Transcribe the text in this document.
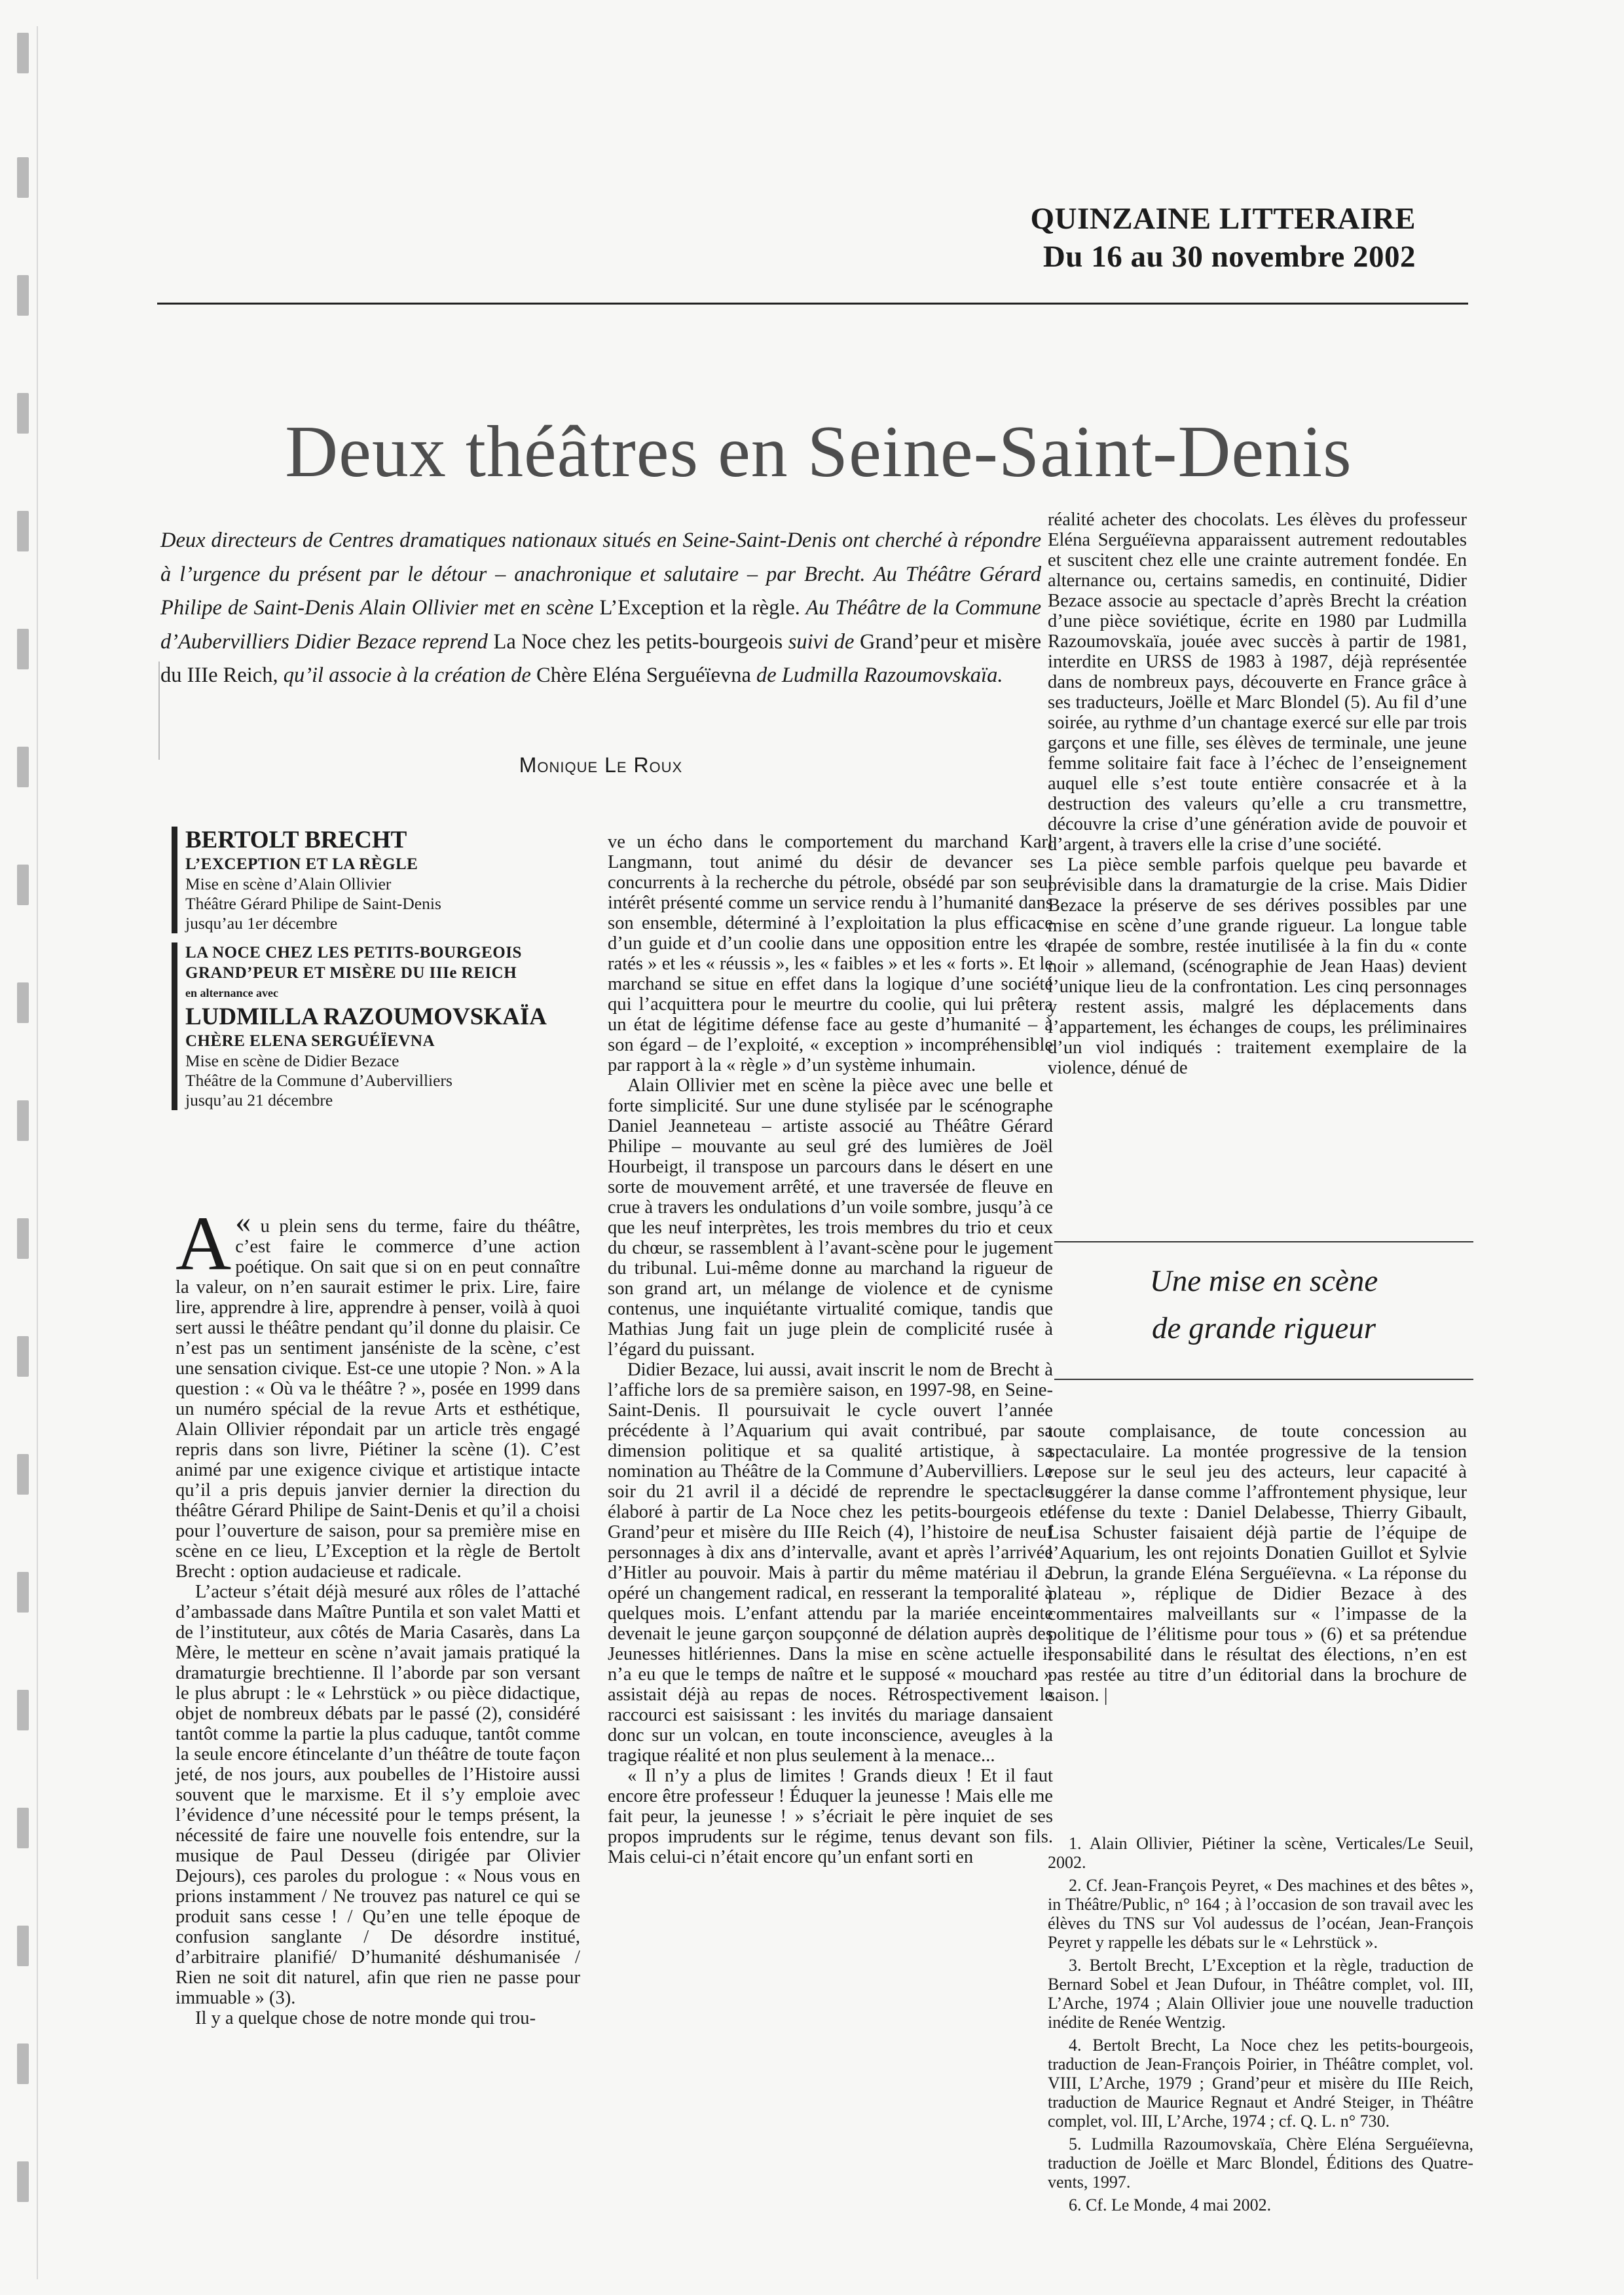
QUINZAINE LITTERAIRE
Du 16 au 30 novembre 2002
Deux théâtres en Seine-Saint-Denis
Deux directeurs de Centres dramatiques nationaux situés en Seine-Saint-Denis ont cherché à répondre à l’urgence du présent par le détour – anachronique et salutaire – par Brecht. Au Théâtre Gérard Philipe de Saint-Denis Alain Ollivier met en scène L’Exception et la règle. Au Théâtre de la Commune d’Aubervilliers Didier Bezace reprend La Noce chez les petits-bourgeois suivi de Grand’peur et misère du IIIe Reich, qu’il associe à la création de Chère Eléna Serguéïevna de Ludmilla Razoumovskaïa.
Monique Le Roux
BERTOLT BRECHT
L’EXCEPTION ET LA RÈGLE
Mise en scène d’Alain Ollivier
Théâtre Gérard Philipe de Saint-Denis
jusqu’au 1er décembre
LA NOCE CHEZ LES PETITS-BOURGEOIS
GRAND’PEUR ET MISÈRE DU IIIe REICH
en alternance avec
LUDMILLA RAZOUMOVSKAÏA
CHÈRE ELENA SERGUÉÏEVNA
Mise en scène de Didier Bezace
Théâtre de la Commune d’Aubervilliers
jusqu’au 21 décembre

«
A u plein sens du terme, faire du théâtre, c’est faire le commerce d’une action poétique. On sait que si on en peut connaître la valeur, on n’en saurait estimer le prix. Lire, faire lire, apprendre à lire, apprendre à penser, voilà à quoi sert aussi le théâtre pendant qu’il donne du plaisir. Ce n’est pas un sentiment janséniste de la scène, c’est une sensation civique. Est-ce une utopie ? Non. » A la question : « Où va le théâtre ? », posée en 1999 dans un numéro spécial de la revue Arts et esthétique, Alain Ollivier répondait par un article très engagé repris dans son livre, Piétiner la scène (1). C’est animé par une exigence civique et artistique intacte qu’il a pris depuis janvier dernier la direction du théâtre Gérard Philipe de Saint-Denis et qu’il a choisi pour l’ouverture de saison, pour sa première mise en scène en ce lieu, L’Exception et la règle de Bertolt Brecht : option audacieuse et radicale.

L’acteur s’était déjà mesuré aux rôles de l’attaché d’ambassade dans Maître Puntila et son valet Matti et de l’instituteur, aux côtés de Maria Casarès, dans La Mère, le metteur en scène n’avait jamais pratiqué la dramaturgie brechtienne. Il l’aborde par son versant le plus abrupt : le « Lehrstück » ou pièce didactique, objet de nombreux débats par le passé (2), considéré tantôt comme la partie la plus caduque, tantôt comme la seule encore étincelante d’un théâtre de toute façon jeté, de nos jours, aux poubelles de l’Histoire aussi souvent que le marxisme. Et il s’y emploie avec l’évidence d’une nécessité pour le temps présent, la nécessité de faire une nouvelle fois entendre, sur la musique de Paul Desseu (dirigée par Olivier Dejours), ces paroles du prologue : « Nous vous en prions instamment / Ne trouvez pas naturel ce qui se produit sans cesse ! / Qu’en une telle époque de confusion sanglante / De désordre institué, d’arbitraire planifié/ D’humanité déshumanisée / Rien ne soit dit naturel, afin que rien ne passe pour immuable » (3).

Il y a quelque chose de notre monde qui trou-

ve un écho dans le comportement du marchand Karl Langmann, tout animé du désir de devancer ses concurrents à la recherche du pétrole, obsédé par son seul intérêt présenté comme un service rendu à l’humanité dans son ensemble, déterminé à l’exploitation la plus efficace d’un guide et d’un coolie dans une opposition entre les « ratés » et les « réussis », les « faibles » et les « forts ». Et le marchand se situe en effet dans la logique d’une société qui l’acquittera pour le meurtre du coolie, qui lui prêtera un état de légitime défense face au geste d’humanité – à son égard – de l’exploité, « exception » incompréhensible par rapport à la « règle » d’un système inhumain.

Alain Ollivier met en scène la pièce avec une belle et forte simplicité. Sur une dune stylisée par le scénographe Daniel Jeanneteau – artiste associé au Théâtre Gérard Philipe – mouvante au seul gré des lumières de Joël Hourbeigt, il transpose un parcours dans le désert en une sorte de mouvement arrêté, et une traversée de fleuve en crue à travers les ondulations d’un voile sombre, jusqu’à ce que les neuf interprètes, les trois membres du trio et ceux du chœur, se rassemblent à l’avant-scène pour le jugement du tribunal. Lui-même donne au marchand la rigueur de son grand art, un mélange de violence et de cynisme contenus, une inquiétante virtualité comique, tandis que Mathias Jung fait un juge plein de complicité rusée à l’égard du puissant.

Didier Bezace, lui aussi, avait inscrit le nom de Brecht à l’affiche lors de sa première saison, en 1997-98, en Seine-Saint-Denis. Il poursuivait le cycle ouvert l’année précédente à l’Aquarium qui avait contribué, par sa dimension politique et sa qualité artistique, à sa nomination au Théâtre de la Commune d’Aubervilliers. Le soir du 21 avril il a décidé de reprendre le spectacle élaboré à partir de La Noce chez les petits-bourgeois et Grand’peur et misère du IIIe Reich (4), l’histoire de neuf personnages à dix ans d’intervalle, avant et après l’arrivée d’Hitler au pouvoir. Mais à partir du même matériau il a opéré un changement radical, en resserant la temporalité à quelques mois. L’enfant attendu par la mariée enceinte devenait le jeune garçon soupçonné de délation auprès des Jeunesses hitlériennes. Dans la mise en scène actuelle il n’a eu que le temps de naître et le supposé « mouchard » assistait déjà au repas de noces. Rétrospectivement le raccourci est saisissant : les invités du mariage dansaient donc sur un volcan, en toute inconscience, aveugles à la tragique réalité et non plus seulement à la menace...

« Il n’y a plus de limites ! Grands dieux ! Et il faut encore être professeur ! Éduquer la jeunesse ! Mais elle me fait peur, la jeunesse ! » s’écriait le père inquiet de ses propos imprudents sur le régime, tenus devant son fils. Mais celui-ci n’était encore qu’un enfant sorti en

réalité acheter des chocolats. Les élèves du professeur Eléna Serguéïevna apparaissent autrement redoutables et suscitent chez elle une crainte autrement fondée. En alternance ou, certains samedis, en continuité, Didier Bezace associe au spectacle d’après Brecht la création d’une pièce soviétique, écrite en 1980 par Ludmilla Razoumovskaïa, jouée avec succès à partir de 1981, interdite en URSS de 1983 à 1987, déjà représentée dans de nombreux pays, découverte en France grâce à ses traducteurs, Joëlle et Marc Blondel (5). Au fil d’une soirée, au rythme d’un chantage exercé sur elle par trois garçons et une fille, ses élèves de terminale, une jeune femme solitaire fait face à l’échec de l’enseignement auquel elle s’est toute entière consacrée et à la destruction des valeurs qu’elle a cru transmettre, découvre la crise d’une génération avide de pouvoir et d’argent, à travers elle la crise d’une société.

La pièce semble parfois quelque peu bavarde et prévisible dans la dramaturgie de la crise. Mais Didier Bezace la préserve de ses dérives possibles par une mise en scène d’une grande rigueur. La longue table drapée de sombre, restée inutilisée à la fin du « conte noir » allemand, (scénographie de Jean Haas) devient l’unique lieu de la confrontation. Les cinq personnages y restent assis, malgré les déplacements dans l’appartement, les échanges de coups, les préliminaires d’un viol indiqués : traitement exemplaire de la violence, dénué de

Une mise en scène
de grande rigueur

toute complaisance, de toute concession au spectaculaire. La montée progressive de la tension repose sur le seul jeu des acteurs, leur capacité à suggérer la danse comme l’affrontement physique, leur défense du texte : Daniel Delabesse, Thierry Gibault, Lisa Schuster faisaient déjà partie de l’équipe de l’Aquarium, les ont rejoints Donatien Guillot et Sylvie Debrun, la grande Eléna Serguéïevna. « La réponse du plateau », réplique de Didier Bezace à des commentaires malveillants sur « l’impasse de la politique de l’élitisme pour tous » (6) et sa prétendue responsabilité dans le résultat des élections, n’en est pas restée au titre d’un éditorial dans la brochure de saison. |

1. Alain Ollivier, Piétiner la scène, Verticales/Le Seuil, 2002.

2. Cf. Jean-François Peyret, « Des machines et des bêtes », in Théâtre/Public, n° 164 ; à l’occasion de son travail avec les élèves du TNS sur Vol audessus de l’océan, Jean-François Peyret y rappelle les débats sur le « Lehrstück ».

3. Bertolt Brecht, L’Exception et la règle, traduction de Bernard Sobel et Jean Dufour, in Théâtre complet, vol. III, L’Arche, 1974 ; Alain Ollivier joue une nouvelle traduction inédite de Renée Wentzig.

4. Bertolt Brecht, La Noce chez les petits-bourgeois, traduction de Jean-François Poirier, in Théâtre complet, vol. VIII, L’Arche, 1979 ; Grand’peur et misère du IIIe Reich, traduction de Maurice Regnaut et André Steiger, in Théâtre complet, vol. III, L’Arche, 1974 ; cf. Q. L. n° 730.

5. Ludmilla Razoumovskaïa, Chère Eléna Serguéïevna, traduction de Joëlle et Marc Blondel, Éditions des Quatre-vents, 1997.

6. Cf. Le Monde, 4 mai 2002.
